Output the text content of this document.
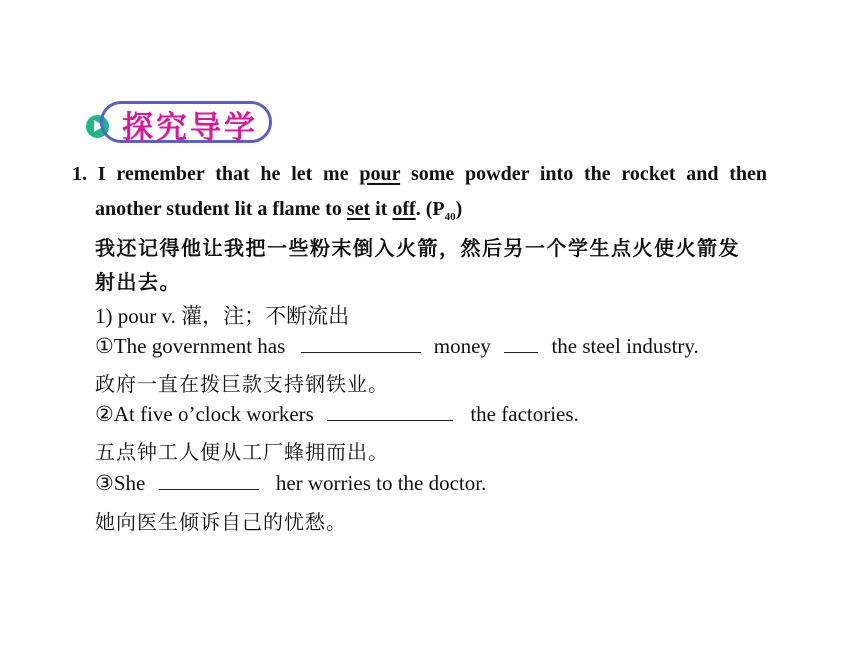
探究导学
1. I remember that he let me pour some powder into the rocket and then
another student lit a flame to set it off. $(P_{40})$
我还记得他让我把一些粉末倒入火箭，然后另一个学生点火使火箭发
射出去。
1) pour v. 灌，注；不断流出
①The government has	money	the steel industry.
政府一直在拨巨款支持钢铁业。
②At five o’clock workers	the factories.
五点钟工人便从工厂蜂拥而出。
③She	her worries to the doctor.
她向医生倾诉自己的忧愁。
